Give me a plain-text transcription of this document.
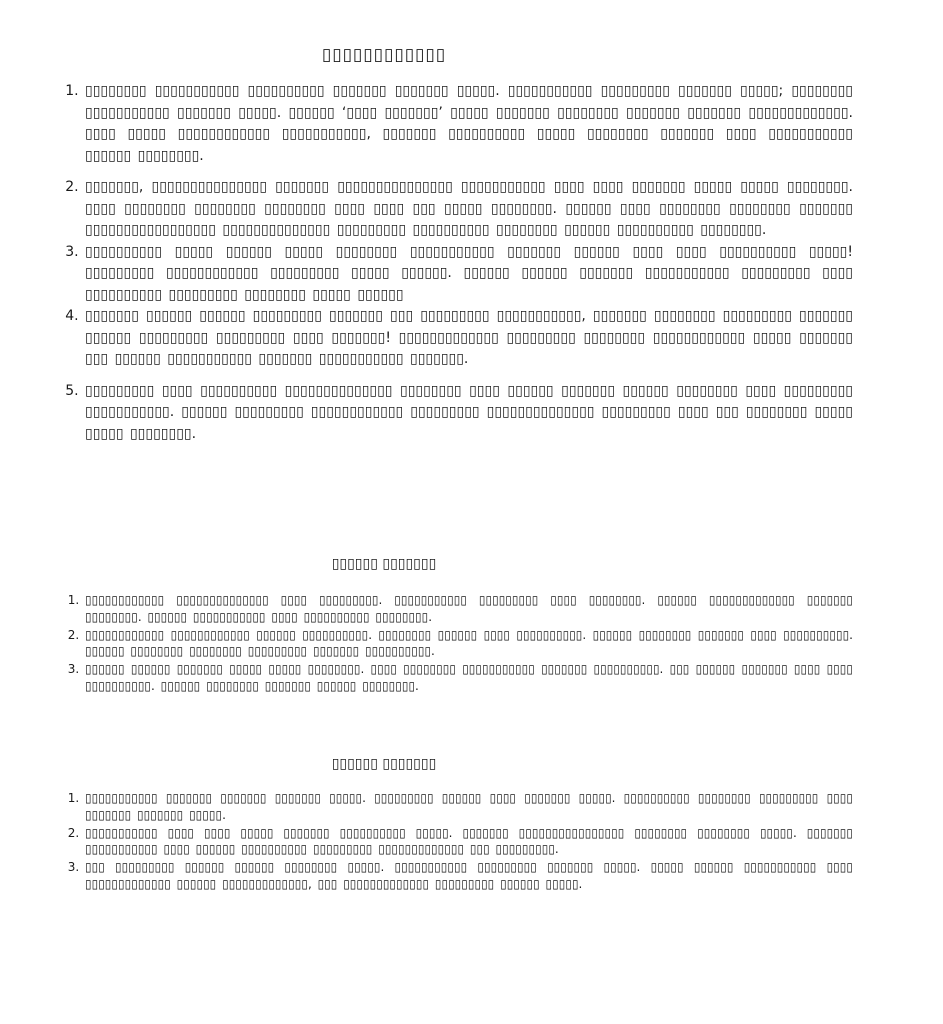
▯▯▯▯▯▯▯▯▯▯▯▯
1. ▯▯▯▯▯▯▯▯ ▯▯▯▯▯▯▯▯▯▯▯ ▯▯▯▯▯▯▯▯▯▯ ▯▯▯▯▯▯▯ ▯▯▯▯▯▯▯ ▯▯▯▯▯. ▯▯▯▯▯▯▯▯▯▯▯ ▯▯▯▯▯▯▯▯▯ ▯▯▯▯▯▯▯ ▯▯▯▯▯; ▯▯▯▯▯▯▯▯ ▯▯▯▯▯▯▯▯▯▯▯ ▯▯▯▯▯▯▯ ▯▯▯▯▯. ▯▯▯▯▯▯ ‘▯▯▯▯ ▯▯▯▯▯▯▯’ ▯▯▯▯▯ ▯▯▯▯▯▯▯ ▯▯▯▯▯▯▯▯ ▯▯▯▯▯▯▯ ▯▯▯▯▯▯▯ ▯▯▯▯▯▯▯▯▯▯▯▯▯. ▯▯▯▯ ▯▯▯▯▯ ▯▯▯▯▯▯▯▯▯▯▯▯ ▯▯▯▯▯▯▯▯▯▯▯, ▯▯▯▯▯▯▯ ▯▯▯▯▯▯▯▯▯▯ ▯▯▯▯▯ ▯▯▯▯▯▯▯▯ ▯▯▯▯▯▯▯ ▯▯▯▯ ▯▯▯▯▯▯▯▯▯▯▯ ▯▯▯▯▯▯ ▯▯▯▯▯▯▯▯.
2. ▯▯▯▯▯▯▯, ▯▯▯▯▯▯▯▯▯▯▯▯▯▯▯ ▯▯▯▯▯▯▯ ▯▯▯▯▯▯▯▯▯▯▯▯▯▯▯ ▯▯▯▯▯▯▯▯▯▯▯ ▯▯▯▯ ▯▯▯▯ ▯▯▯▯▯▯▯ ▯▯▯▯▯ ▯▯▯▯▯ ▯▯▯▯▯▯▯▯. ▯▯▯▯ ▯▯▯▯▯▯▯▯ ▯▯▯▯▯▯▯▯ ▯▯▯▯▯▯▯▯ ▯▯▯▯ ▯▯▯▯ ▯▯▯ ▯▯▯▯▯ ▯▯▯▯▯▯▯▯. ▯▯▯▯▯▯ ▯▯▯▯ ▯▯▯▯▯▯▯▯ ▯▯▯▯▯▯▯▯ ▯▯▯▯▯▯▯ ▯▯▯▯▯▯▯▯▯▯▯▯▯▯▯▯▯ ▯▯▯▯▯▯▯▯▯▯▯▯▯▯ ▯▯▯▯▯▯▯▯▯ ▯▯▯▯▯▯▯▯▯▯ ▯▯▯▯▯▯▯▯ ▯▯▯▯▯▯ ▯▯▯▯▯▯▯▯▯▯ ▯▯▯▯▯▯▯▯.
3. ▯▯▯▯▯▯▯▯▯▯ ▯▯▯▯▯ ▯▯▯▯▯▯ ▯▯▯▯▯ ▯▯▯▯▯▯▯▯ ▯▯▯▯▯▯▯▯▯▯▯ ▯▯▯▯▯▯▯ ▯▯▯▯▯▯ ▯▯▯▯ ▯▯▯▯ ▯▯▯▯▯▯▯▯▯▯ ▯▯▯▯▯! ▯▯▯▯▯▯▯▯▯ ▯▯▯▯▯▯▯▯▯▯▯▯ ▯▯▯▯▯▯▯▯▯ ▯▯▯▯▯ ▯▯▯▯▯▯. ▯▯▯▯▯▯ ▯▯▯▯▯▯ ▯▯▯▯▯▯▯ ▯▯▯▯▯▯▯▯▯▯▯ ▯▯▯▯▯▯▯▯▯ ▯▯▯▯ ▯▯▯▯▯▯▯▯▯▯ ▯▯▯▯▯▯▯▯▯ ▯▯▯▯▯▯▯▯ ▯▯▯▯▯ ▯▯▯▯▯▯
4. ▯▯▯▯▯▯▯ ▯▯▯▯▯▯ ▯▯▯▯▯▯ ▯▯▯▯▯▯▯▯▯ ▯▯▯▯▯▯▯ ▯▯▯ ▯▯▯▯▯▯▯▯▯ ▯▯▯▯▯▯▯▯▯▯▯, ▯▯▯▯▯▯▯ ▯▯▯▯▯▯▯▯ ▯▯▯▯▯▯▯▯▯ ▯▯▯▯▯▯▯ ▯▯▯▯▯▯ ▯▯▯▯▯▯▯▯▯ ▯▯▯▯▯▯▯▯▯ ▯▯▯▯ ▯▯▯▯▯▯▯! ▯▯▯▯▯▯▯▯▯▯▯▯▯ ▯▯▯▯▯▯▯▯▯ ▯▯▯▯▯▯▯▯ ▯▯▯▯▯▯▯▯▯▯▯▯ ▯▯▯▯▯ ▯▯▯▯▯▯▯ ▯▯▯ ▯▯▯▯▯▯ ▯▯▯▯▯▯▯▯▯▯▯ ▯▯▯▯▯▯▯ ▯▯▯▯▯▯▯▯▯▯▯ ▯▯▯▯▯▯▯.
5. ▯▯▯▯▯▯▯▯▯ ▯▯▯▯ ▯▯▯▯▯▯▯▯▯▯ ▯▯▯▯▯▯▯▯▯▯▯▯▯▯ ▯▯▯▯▯▯▯▯ ▯▯▯▯ ▯▯▯▯▯▯ ▯▯▯▯▯▯▯ ▯▯▯▯▯▯ ▯▯▯▯▯▯▯▯ ▯▯▯▯ ▯▯▯▯▯▯▯▯▯ ▯▯▯▯▯▯▯▯▯▯▯. ▯▯▯▯▯▯ ▯▯▯▯▯▯▯▯▯ ▯▯▯▯▯▯▯▯▯▯▯▯ ▯▯▯▯▯▯▯▯▯ ▯▯▯▯▯▯▯▯▯▯▯▯▯▯ ▯▯▯▯▯▯▯▯▯ ▯▯▯▯ ▯▯▯ ▯▯▯▯▯▯▯▯ ▯▯▯▯▯ ▯▯▯▯▯ ▯▯▯▯▯▯▯▯.
▯▯▯▯▯▯ ▯▯▯▯▯▯▯
1. ▯▯▯▯▯▯▯▯▯▯▯▯ ▯▯▯▯▯▯▯▯▯▯▯▯▯▯ ▯▯▯▯ ▯▯▯▯▯▯▯▯▯. ▯▯▯▯▯▯▯▯▯▯▯ ▯▯▯▯▯▯▯▯▯ ▯▯▯▯ ▯▯▯▯▯▯▯▯. ▯▯▯▯▯▯ ▯▯▯▯▯▯▯▯▯▯▯▯▯ ▯▯▯▯▯▯▯ ▯▯▯▯▯▯▯▯. ▯▯▯▯▯▯ ▯▯▯▯▯▯▯▯▯▯▯ ▯▯▯▯ ▯▯▯▯▯▯▯▯▯▯ ▯▯▯▯▯▯▯▯.
2. ▯▯▯▯▯▯▯▯▯▯▯▯ ▯▯▯▯▯▯▯▯▯▯▯▯ ▯▯▯▯▯▯ ▯▯▯▯▯▯▯▯▯▯. ▯▯▯▯▯▯▯▯ ▯▯▯▯▯▯ ▯▯▯▯ ▯▯▯▯▯▯▯▯▯▯. ▯▯▯▯▯▯ ▯▯▯▯▯▯▯▯ ▯▯▯▯▯▯▯ ▯▯▯▯ ▯▯▯▯▯▯▯▯▯▯. ▯▯▯▯▯▯ ▯▯▯▯▯▯▯▯ ▯▯▯▯▯▯▯▯ ▯▯▯▯▯▯▯▯▯ ▯▯▯▯▯▯▯ ▯▯▯▯▯▯▯▯▯▯.
3. ▯▯▯▯▯▯ ▯▯▯▯▯▯ ▯▯▯▯▯▯▯ ▯▯▯▯▯ ▯▯▯▯▯ ▯▯▯▯▯▯▯▯. ▯▯▯▯ ▯▯▯▯▯▯▯▯ ▯▯▯▯▯▯▯▯▯▯▯ ▯▯▯▯▯▯▯ ▯▯▯▯▯▯▯▯▯▯. ▯▯▯ ▯▯▯▯▯▯ ▯▯▯▯▯▯▯ ▯▯▯▯ ▯▯▯▯ ▯▯▯▯▯▯▯▯▯▯. ▯▯▯▯▯▯ ▯▯▯▯▯▯▯▯ ▯▯▯▯▯▯▯ ▯▯▯▯▯▯ ▯▯▯▯▯▯▯▯.
▯▯▯▯▯▯ ▯▯▯▯▯▯▯
1. ▯▯▯▯▯▯▯▯▯▯▯ ▯▯▯▯▯▯▯ ▯▯▯▯▯▯▯ ▯▯▯▯▯▯▯ ▯▯▯▯▯. ▯▯▯▯▯▯▯▯▯ ▯▯▯▯▯▯ ▯▯▯▯ ▯▯▯▯▯▯▯ ▯▯▯▯▯. ▯▯▯▯▯▯▯▯▯▯ ▯▯▯▯▯▯▯▯ ▯▯▯▯▯▯▯▯▯ ▯▯▯▯ ▯▯▯▯▯▯▯ ▯▯▯▯▯▯▯ ▯▯▯▯▯.
2. ▯▯▯▯▯▯▯▯▯▯▯ ▯▯▯▯ ▯▯▯▯ ▯▯▯▯▯ ▯▯▯▯▯▯▯ ▯▯▯▯▯▯▯▯▯▯ ▯▯▯▯▯. ▯▯▯▯▯▯▯ ▯▯▯▯▯▯▯▯▯▯▯▯▯▯▯▯ ▯▯▯▯▯▯▯▯ ▯▯▯▯▯▯▯▯ ▯▯▯▯▯. ▯▯▯▯▯▯▯ ▯▯▯▯▯▯▯▯▯▯▯ ▯▯▯▯ ▯▯▯▯▯▯ ▯▯▯▯▯▯▯▯▯▯ ▯▯▯▯▯▯▯▯▯ ▯▯▯▯▯▯▯▯▯▯▯▯▯ ▯▯▯ ▯▯▯▯▯▯▯▯▯.
3. ▯▯▯ ▯▯▯▯▯▯▯▯▯ ▯▯▯▯▯▯ ▯▯▯▯▯▯ ▯▯▯▯▯▯▯▯ ▯▯▯▯▯. ▯▯▯▯▯▯▯▯▯▯▯ ▯▯▯▯▯▯▯▯▯ ▯▯▯▯▯▯▯ ▯▯▯▯▯. ▯▯▯▯▯ ▯▯▯▯▯▯ ▯▯▯▯▯▯▯▯▯▯▯ ▯▯▯▯ ▯▯▯▯▯▯▯▯▯▯▯▯▯ ▯▯▯▯▯▯ ▯▯▯▯▯▯▯▯▯▯▯▯▯, ▯▯▯ ▯▯▯▯▯▯▯▯▯▯▯▯▯ ▯▯▯▯▯▯▯▯▯ ▯▯▯▯▯▯ ▯▯▯▯▯.
